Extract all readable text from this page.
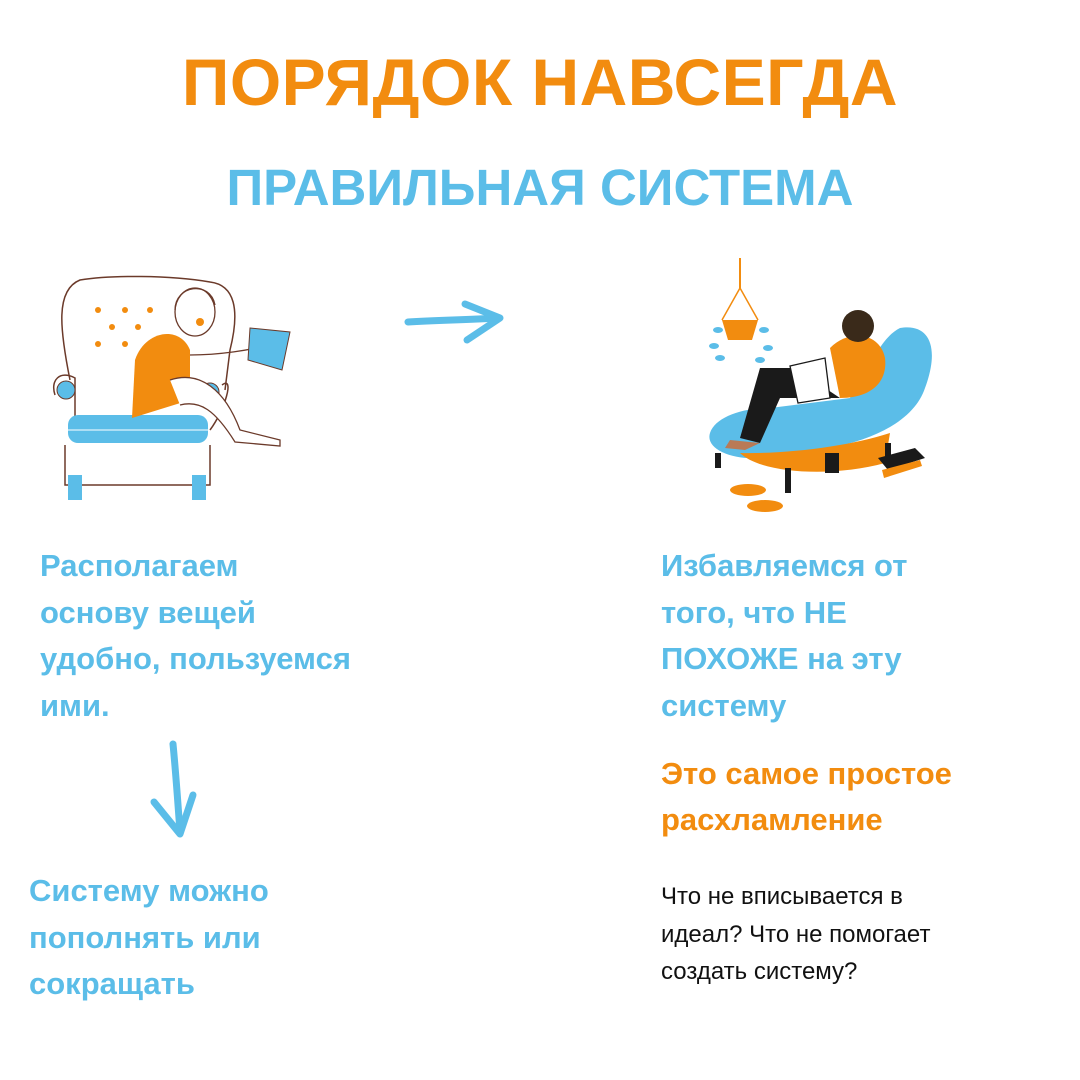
ПОРЯДОК НАВСЕГДА
ПРАВИЛЬНАЯ СИСТЕМА
Располагаем
основу вещей
удобно, пользуемся
ими.
Систему можно
пополнять или
сокращать
Избавляемся от
того, что НЕ
ПОХОЖЕ на эту
систему
Это самое простое
расхламление
Что не вписывается в
идеал? Что не помогает
создать систему?
